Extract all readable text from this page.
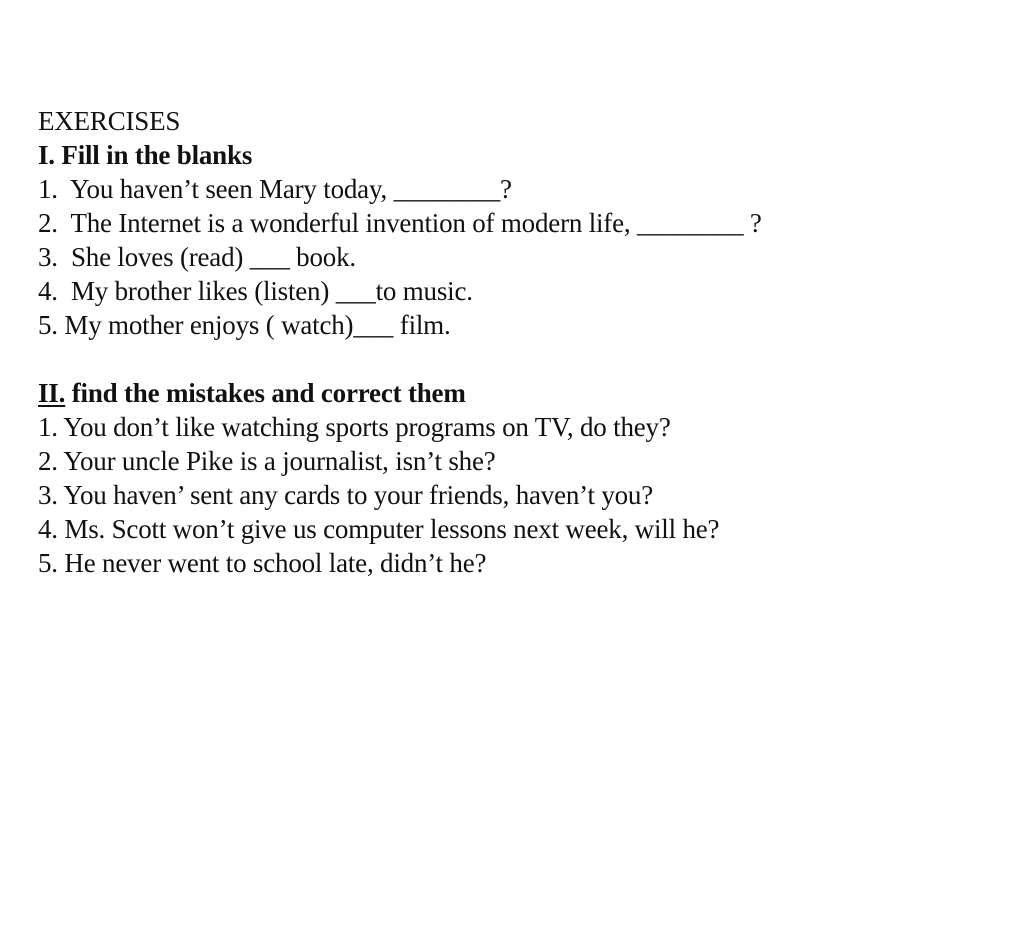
EXERCISES
I. Fill in the blanks
1.  You haven’t seen Mary today, ________?
2.  The Internet is a wonderful invention of modern life, ________ ?
3.  She loves (read) ___ book.
4.  My brother likes (listen) ___to music.
5. My mother enjoys ( watch)___ film.
II. find the mistakes and correct them
1. You don’t like watching sports programs on TV, do they?
2. Your uncle Pike is a journalist, isn’t she?
3. You haven’ sent any cards to your friends, haven’t you?
4. Ms. Scott won’t give us computer lessons next week, will he?
5. He never went to school late, didn’t he?
